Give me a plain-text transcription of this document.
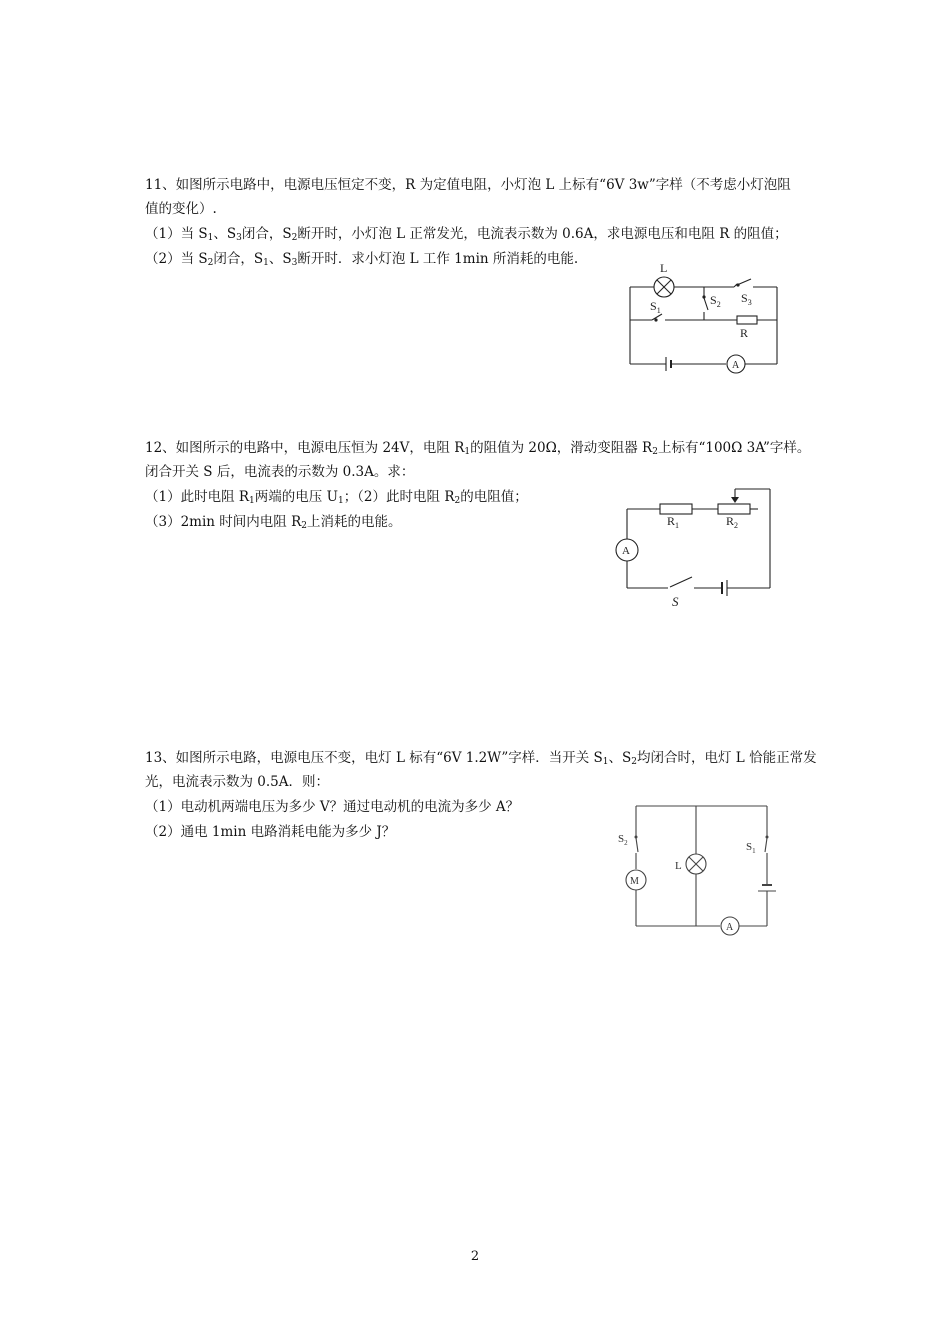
11、如图所示电路中，电源电压恒定不变，R 为定值电阻，小灯泡 L 上标有“6V 3w”字样（不考虑小灯泡阻
值的变化）.
（1）当 $S_1$、$S_3$闭合，$S_2$断开时，小灯泡 L 正常发光，电流表示数为 0.6A，求电源电压和电阻 R 的阻值；
（2）当 $S_2$闭合，$S_1$、$S_3$断开时．求小灯泡 L 工作 1min 所消耗的电能.
L
$S_1$
$S_2$ $S_3$
R
A
12、如图所示的电路中，电源电压恒为 24V，电阻 $R_1$的阻值为 20Ω，滑动变阻器 $R_2$上标有“100Ω 3A”字样。
闭合开关 S 后，电流表的示数为 0.3A。求：
（1）此时电阻 $R_1$两端的电压 $U_1$；（2）此时电阻 $R_2$的电阻值；
（3）2min 时间内电阻 $R_2$上消耗的电能。	$R_1$	$R_2$
A
S
13、如图所示电路，电源电压不变，电灯 L 标有“6V 1.2W”字样．当开关 $S_1$、$S_2$均闭合时，电灯 L 恰能正常发
光，电流表示数为 0.5A．则：
（1）电动机两端电压为多少 V？通过电动机的电流为多少 A？
（2）通电 1min 电路消耗电能为多少 J？	$S_2$	$S_1$
L
M
A
2
